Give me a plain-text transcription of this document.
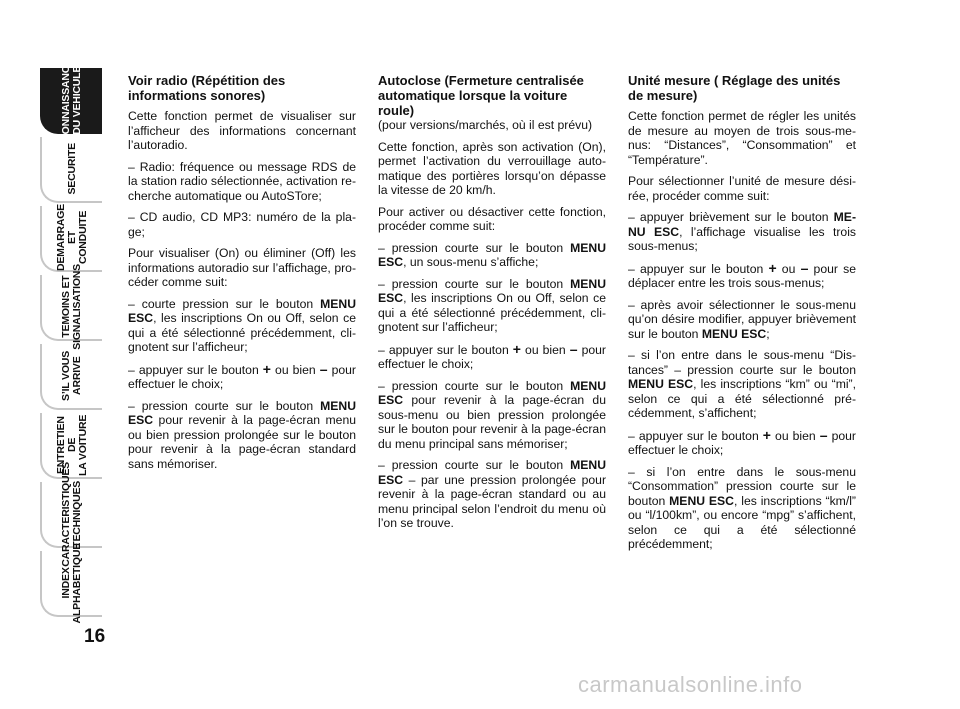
CONNAISSANCE
DU VEHICULE
SECURITE
DEMARRAGE
ET CONDUITE
TEMOINS ET
SIGNALISATIONS
S’IL VOUS
ARRIVE
ENTRETIEN DE
LA VOITURE
CARACTERISTIQUES
TECHNIQUES
INDEX
ALPHABETIQUE
16
Voir radio (Répétition des informations sonores)

Cette fonction permet de visualiser sur l’afficheur des informations concernant l’autoradio.

– Radio: fréquence ou message RDS de la station radio sélectionnée, activation recherche automatique ou AutoSTore;

– CD audio, CD MP3: numéro de la plage;

Pour visualiser (On) ou éliminer (Off) les informations autoradio sur l’affichage, procéder comme suit:

– courte pression sur le bouton MENU ESC, les inscriptions On ou Off, selon ce qui a été sélectionné précédemment, clignotent sur l’afficheur;

– appuyer sur le bouton + ou bien – pour effectuer le choix;

– pression courte sur le bouton MENU ESC pour revenir à la page-écran menu ou bien pression prolongée sur le bouton pour revenir à la page-écran standard sans mémoriser.

Autoclose (Fermeture centralisée automatique lorsque la voiture roule)

(pour versions/marchés, où il est prévu)

Cette fonction, après son activation (On), permet l’activation du verrouillage automatique des portières lorsqu’on dépasse la vitesse de 20 km/h.

Pour activer ou désactiver cette fonction, procéder comme suit:

– pression courte sur le bouton MENU ESC, un sous-menu s’affiche;

– pression courte sur le bouton MENU ESC, les inscriptions On ou Off, selon ce qui a été sélectionné précédemment, clignotent sur l’afficheur;

– appuyer sur le bouton + ou bien – pour effectuer le choix;

– pression courte sur le bouton MENU ESC pour revenir à la page-écran du sous-menu ou bien pression prolongée sur le bouton pour revenir à la page-écran du menu principal sans mémoriser;

– pression courte sur le bouton MENU ESC – par une pression prolongée pour revenir à la page-écran standard ou au menu principal selon l’endroit du menu où l’on se trouve.

Unité mesure ( Réglage des unités de mesure)

Cette fonction permet de régler les unités de mesure au moyen de trois sous-menus: “Distances”, “Consommation” et “Température”.

Pour sélectionner l’unité de mesure désirée, procéder comme suit:

– appuyer brièvement sur le bouton MENU ESC, l’affichage visualise les trois sous-menus;

– appuyer sur le bouton + ou – pour se déplacer entre les trois sous-menus;

– après avoir sélectionner le sous-menu qu’on désire modifier, appuyer brièvement sur le bouton MENU ESC;

– si l’on entre dans le sous-menu “Distances” – pression courte sur le bouton MENU ESC, les inscriptions “km” ou “mi”, selon ce qui a été sélectionné précédemment, s’affichent;

– appuyer sur le bouton + ou bien – pour effectuer le choix;

– si l’on entre dans le sous-menu “Consommation” pression courte sur le bouton MENU ESC, les inscriptions “km/l” ou “l/100km”, ou encore “mpg” s’affichent, selon ce qui a été sélectionné précédemment;

carmanualsonline.info
